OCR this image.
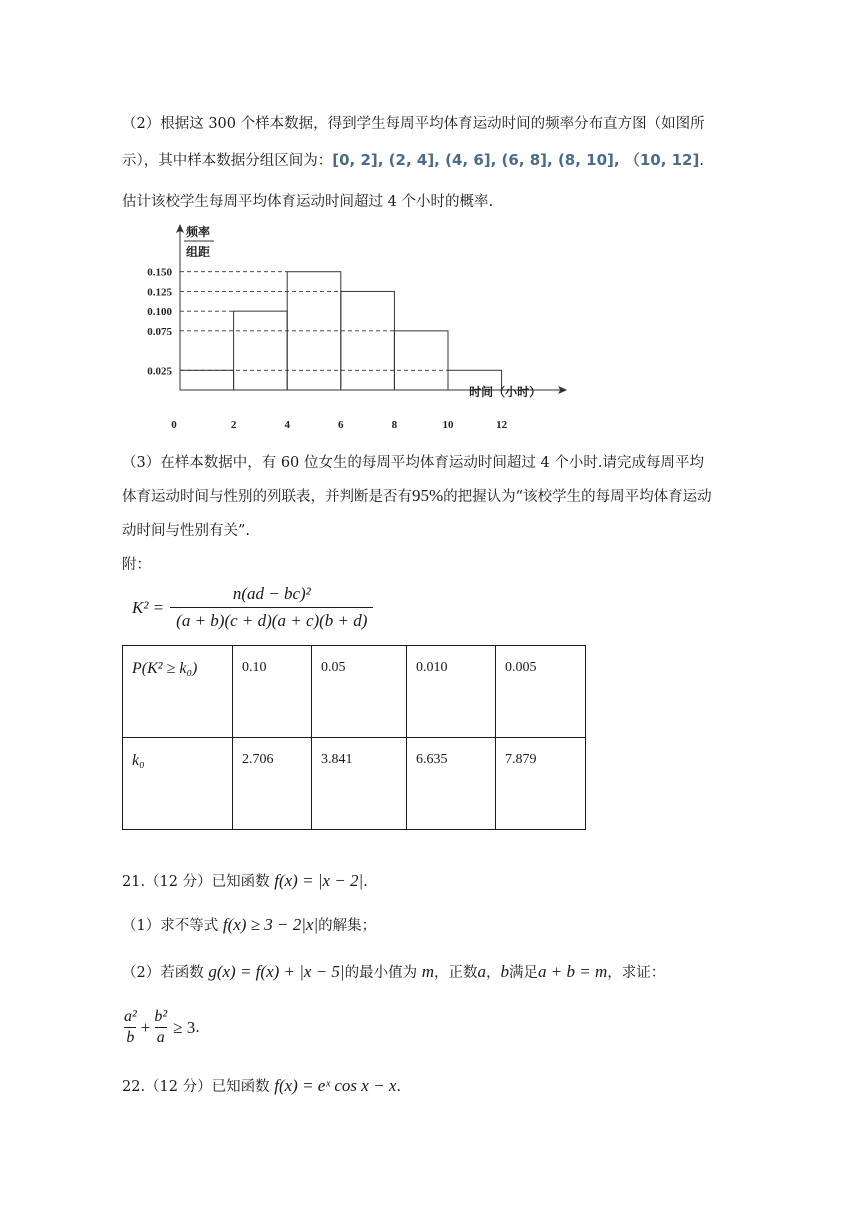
（2）根据这 300 个样本数据，得到学生每周平均体育运动时间的频率分布直方图（如图所
示），其中样本数据分组区间为：[0, 2], (2, 4], (4, 6], (6, 8], (8, 10], （10, 12].
估计该校学生每周平均体育运动时间超过 4 个小时的概率.
0.025
0.075
0.100
0.125
0.150
0	2	4	6	8	10	12
频率
组距
时间（小时）
（3）在样本数据中，有 60 位女生的每周平均体育运动时间超过 4 个小时.请完成每周平均
体育运动时间与性别的列联表，并判断是否有95%的把握认为“该校学生的每周平均体育运动
动时间与性别有关”.
附：
$K^2 = \frac{\text{n(ad − bc)²}}{(a + b)(c + d)(a + c)(b + d)}$
P(K² ≥ k₀)	0.10	0.05	0.010	0.005
k₀	2.706	3.841	6.635	7.879
21.（12 分）已知函数 f(x) = |x − 2|.
（1）求不等式 f(x) ≥ 3 − 2|x|的解集；
（2）若函数 g(x) = f(x) + |x − 5|的最小值为 m，正数a，b满足a + b = m，求证：
$\frac{\text{a²}}{b} + \frac{\text{b²}}{a} \ge 3$ .
22.（12 分）已知函数 f(x) = eˣ cos x − x.
